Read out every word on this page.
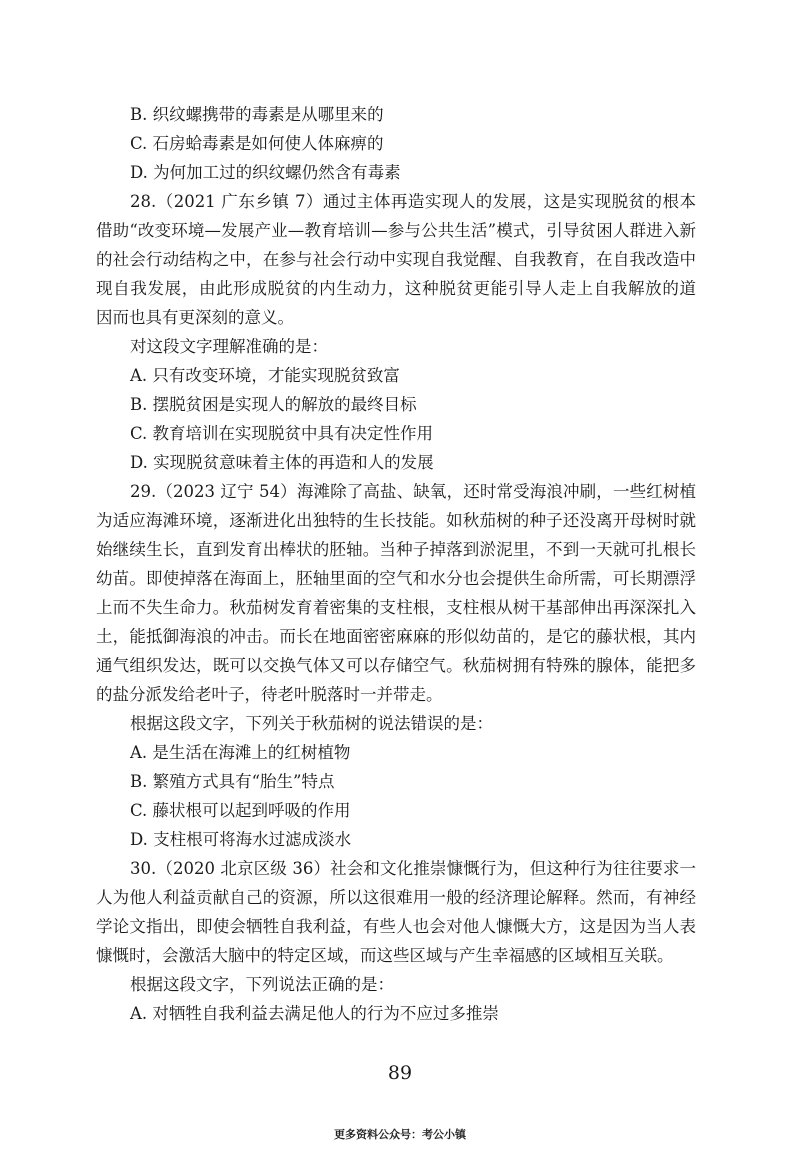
B. 织纹螺携带的毒素是从哪里来的
C. 石房蛤毒素是如何使人体麻痹的
D. 为何加工过的织纹螺仍然含有毒素
28.（2021 广东乡镇 7）通过主体再造实现人的发展，这是实现脱贫的根本
借助“改变环境—发展产业—教育培训—参与公共生活”模式，引导贫困人群进入新
的社会行动结构之中，在参与社会行动中实现自我觉醒、自我教育，在自我改造中
现自我发展，由此形成脱贫的内生动力，这种脱贫更能引导人走上自我解放的道
因而也具有更深刻的意义。
对这段文字理解准确的是：
A. 只有改变环境，才能实现脱贫致富
B. 摆脱贫困是实现人的解放的最终目标
C. 教育培训在实现脱贫中具有决定性作用
D. 实现脱贫意味着主体的再造和人的发展
29.（2023 辽宁 54）海滩除了高盐、缺氧，还时常受海浪冲刷，一些红树植
为适应海滩环境，逐渐进化出独特的生长技能。如秋茄树的种子还没离开母树时就
始继续生长，直到发育出棒状的胚轴。当种子掉落到淤泥里，不到一天就可扎根长
幼苗。即使掉落在海面上，胚轴里面的空气和水分也会提供生命所需，可长期漂浮
上而不失生命力。秋茄树发育着密集的支柱根，支柱根从树干基部伸出再深深扎入
土，能抵御海浪的冲击。而长在地面密密麻麻的形似幼苗的，是它的藤状根，其内
通气组织发达，既可以交换气体又可以存储空气。秋茄树拥有特殊的腺体，能把多
的盐分派发给老叶子，待老叶脱落时一并带走。
根据这段文字，下列关于秋茄树的说法错误的是：
A. 是生活在海滩上的红树植物
B. 繁殖方式具有“胎生”特点
C. 藤状根可以起到呼吸的作用
D. 支柱根可将海水过滤成淡水
30.（2020 北京区级 36）社会和文化推崇慷慨行为，但这种行为往往要求一
人为他人利益贡献自己的资源，所以这很难用一般的经济理论解释。然而，有神经
学论文指出，即使会牺牲自我利益，有些人也会对他人慷慨大方，这是因为当人表
慷慨时，会激活大脑中的特定区域，而这些区域与产生幸福感的区域相互关联。
根据这段文字，下列说法正确的是：
A. 对牺牲自我利益去满足他人的行为不应过多推崇
89
更多资料公众号：考公小镇
